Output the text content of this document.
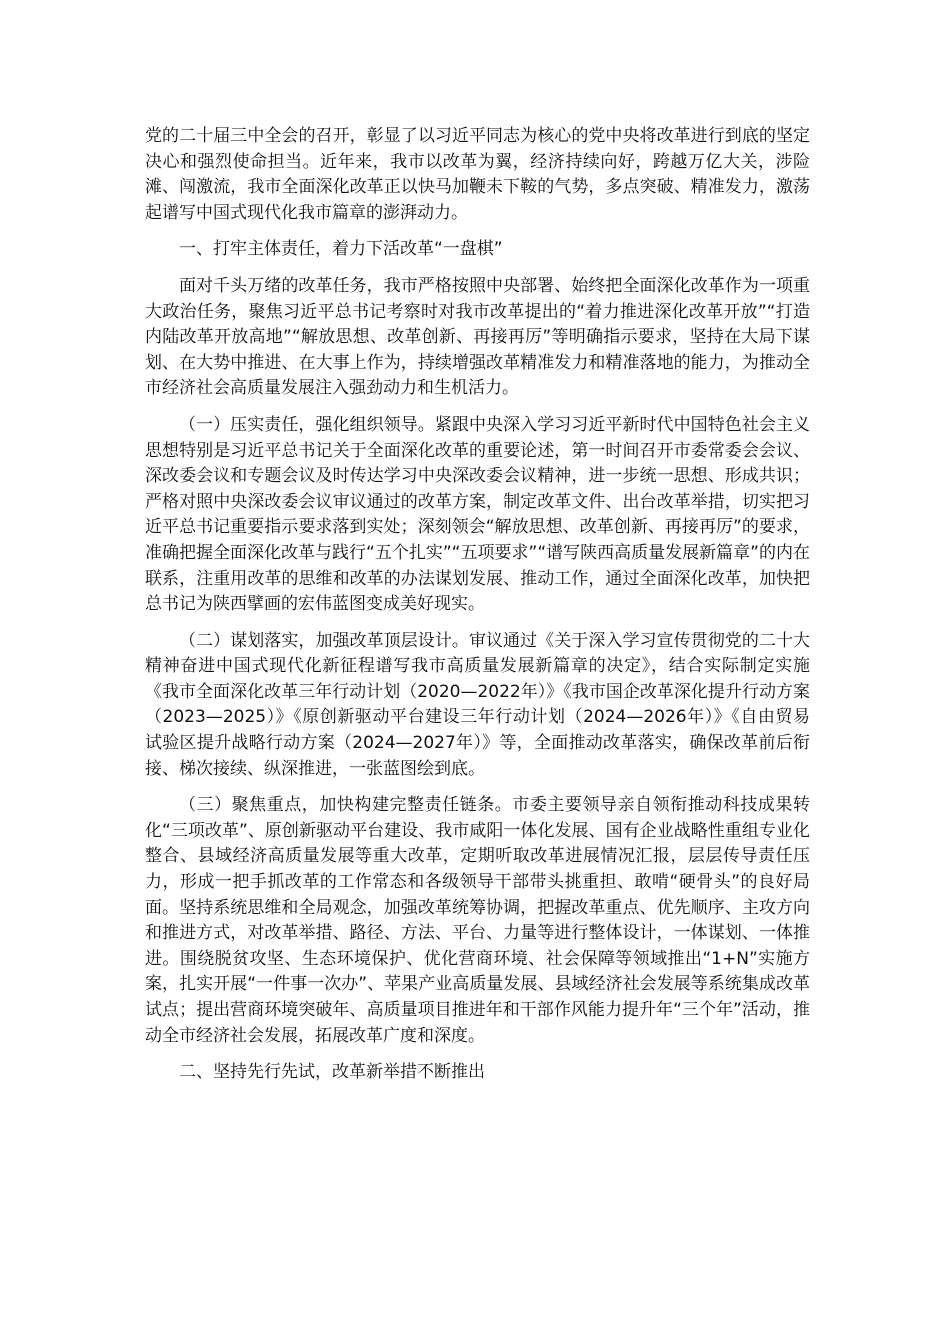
党的二十届三中全会的召开，彰显了以习近平同志为核心的党中央将改革进行到底的坚定决心和强烈使命担当。近年来，我市以改革为翼，经济持续向好，跨越万亿大关，涉险滩、闯激流，我市全面深化改革正以快马加鞭未下鞍的气势，多点突破、精准发力，激荡起谱写中国式现代化我市篇章的澎湃动力。

一、打牢主体责任，着力下活改革“一盘棋”

面对千头万绪的改革任务，我市严格按照中央部署、始终把全面深化改革作为一项重大政治任务，聚焦习近平总书记考察时对我市改革提出的“着力推进深化改革开放”“打造内陆改革开放高地”“解放思想、改革创新、再接再厉”等明确指示要求，坚持在大局下谋划、在大势中推进、在大事上作为，持续增强改革精准发力和精准落地的能力，为推动全市经济社会高质量发展注入强劲动力和生机活力。

（一）压实责任，强化组织领导。紧跟中央深入学习习近平新时代中国特色社会主义思想特别是习近平总书记关于全面深化改革的重要论述，第一时间召开市委常委会会议、深改委会议和专题会议及时传达学习中央深改委会议精神，进一步统一思想、形成共识；严格对照中央深改委会议审议通过的改革方案，制定改革文件、出台改革举措，切实把习近平总书记重要指示要求落到实处；深刻领会“解放思想、改革创新、再接再厉”的要求，准确把握全面深化改革与践行“五个扎实”“五项要求”“谱写陕西高质量发展新篇章”的内在联系，注重用改革的思维和改革的办法谋划发展、推动工作，通过全面深化改革，加快把总书记为陕西擘画的宏伟蓝图变成美好现实。

（二）谋划落实，加强改革顶层设计。审议通过《关于深入学习宣传贯彻党的二十大精神奋进中国式现代化新征程谱写我市高质量发展新篇章的决定》，结合实际制定实施《我市全面深化改革三年行动计划（2020—2022年）》《我市国企改革深化提升行动方案（2023—2025）》《原创新驱动平台建设三年行动计划（2024—2026年）》《自由贸易试验区提升战略行动方案（2024—2027年）》等，全面推动改革落实，确保改革前后衔接、梯次接续、纵深推进，一张蓝图绘到底。

（三）聚焦重点，加快构建完整责任链条。市委主要领导亲自领衔推动科技成果转化“三项改革”、原创新驱动平台建设、我市咸阳一体化发展、国有企业战略性重组专业化整合、县域经济高质量发展等重大改革，定期听取改革进展情况汇报，层层传导责任压力，形成一把手抓改革的工作常态和各级领导干部带头挑重担、敢啃“硬骨头”的良好局面。坚持系统思维和全局观念，加强改革统筹协调，把握改革重点、优先顺序、主攻方向和推进方式，对改革举措、路径、方法、平台、力量等进行整体设计，一体谋划、一体推进。围绕脱贫攻坚、生态环境保护、优化营商环境、社会保障等领域推出“1+N”实施方案，扎实开展“一件事一次办”、苹果产业高质量发展、县域经济社会发展等系统集成改革试点；提出营商环境突破年、高质量项目推进年和干部作风能力提升年“三个年”活动，推动全市经济社会发展，拓展改革广度和深度。

二、坚持先行先试，改革新举措不断推出
